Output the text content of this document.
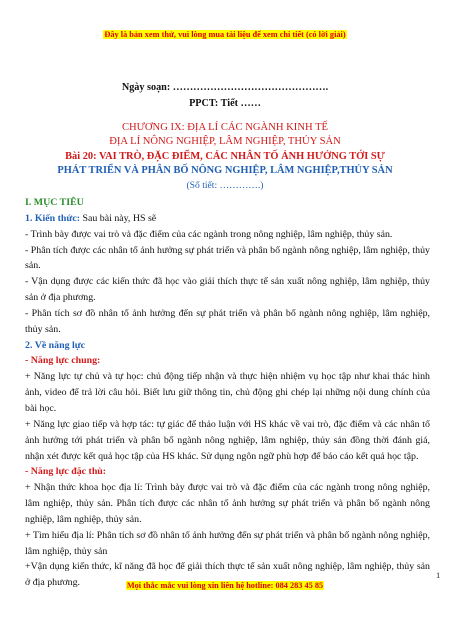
Đây là bản xem thử, vui lòng mua tài liệu để xem chi tiết (có lời giải)
Ngày soạn: ……………………………………….
PPCT: Tiết ……
CHƯƠNG IX: ĐỊA LÍ CÁC NGÀNH KINH TẾ
ĐỊA LÍ NÔNG NGHIỆP, LÂM NGHIỆP, THỦY SẢN
Bài 20: VAI TRÒ, ĐẶC ĐIỂM, CÁC NHÂN TỐ ẢNH HƯỞNG TỚI SỰ
PHÁT TRIỂN VÀ PHÂN BỐ NÔNG NGHIỆP, LÂM NGHIỆP,THỦY SẢN
(Số tiết: ………….)

I. MỤC TIÊU

1. Kiến thức: Sau bài này, HS sẽ

- Trình bày được vai trò và đặc điểm của các ngành trong nông nghiệp, lâm nghiệp, thủy sản.

- Phân tích được các nhân tố ảnh hưởng sự phát triển và phân bố ngành nông nghiệp, lâm nghiệp, thủy sản.

- Vận dụng được các kiến thức đã học vào giải thích thực tế sản xuất nông nghiệp, lâm nghiệp, thủy sản ở địa phương.

- Phân tích sơ đồ nhân tố ảnh hưởng đến sự phát triển và phân bố ngành nông nghiệp, lâm nghiệp, thủy sản.

2. Về năng lực

- Năng lực chung:

+ Năng lực tự chủ và tự học: chủ động tiếp nhận và thực hiện nhiệm vụ học tập như khai thác hình ảnh, video để trả lời câu hỏi. Biết lưu giữ thông tin, chủ động ghi chép lại những nội dung chính của bài học.

+ Năng lực giao tiếp và hợp tác: tự giác để thảo luận với HS khác về vai trò, đặc điểm và các nhân tố ảnh hưởng tới phát triển và phân bố ngành nông nghiệp, lâm nghiệp, thủy sản đồng thời đánh giá, nhận xét được kết quả học tập của HS khác. Sử dụng ngôn ngữ phù hợp để báo cáo kết quả học tập.

- Năng lực đặc thù:

+ Nhận thức khoa học địa lí: Trình bày được vai trò và đặc điểm của các ngành trong nông nghiệp, lâm nghiệp, thủy sản. Phân tích được các nhân tố ảnh hưởng sự phát triển và phân bố ngành nông nghiệp, lâm nghiệp, thủy sản.

+ Tìm hiểu địa lí: Phân tích sơ đồ nhân tố ảnh hưởng đến sự phát triển và phân bố ngành nông nghiệp, lâm nghiệp, thủy sản

+Vận dụng kiến thức, kĩ năng đã học để giải thích thực tế sản xuất nông nghiệp, lâm nghiệp, thủy sản ở địa phương.

1
Mọi thắc mắc vui lòng xin liên hệ hotline: 084 283 45 85
